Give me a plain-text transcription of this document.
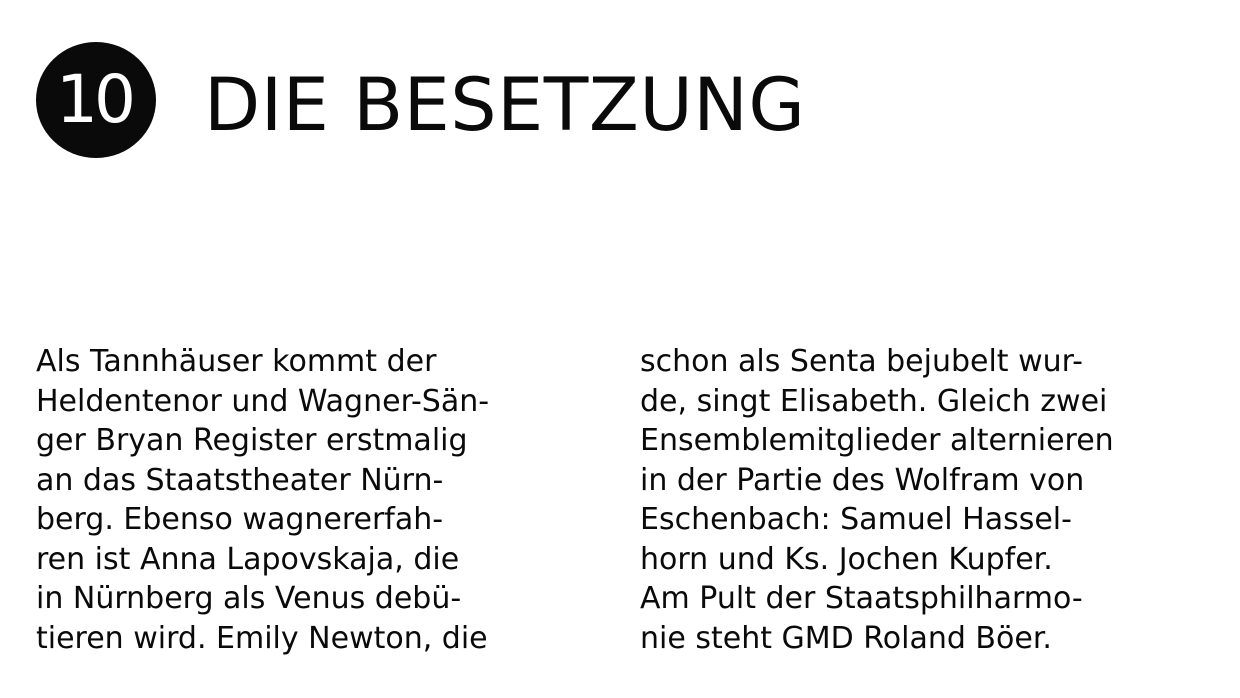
10 DIE BESETZUNG
Als Tannhäuser kommt der
Heldentenor und Wagner-Sän-
ger Bryan Register erstmalig
an das Staatstheater Nürn-
berg. Ebenso wagnererfah-
ren ist Anna Lapovskaja, die
in Nürnberg als Venus debü-
tieren wird. Emily Newton, die
schon als Senta bejubelt wur-
de, singt Elisabeth. Gleich zwei
Ensemblemitglieder alternieren
in der Partie des Wolfram von
Eschenbach: Samuel Hassel-
horn und Ks. Jochen Kupfer.
Am Pult der Staatsphilharmo-
nie steht GMD Roland Böer.
